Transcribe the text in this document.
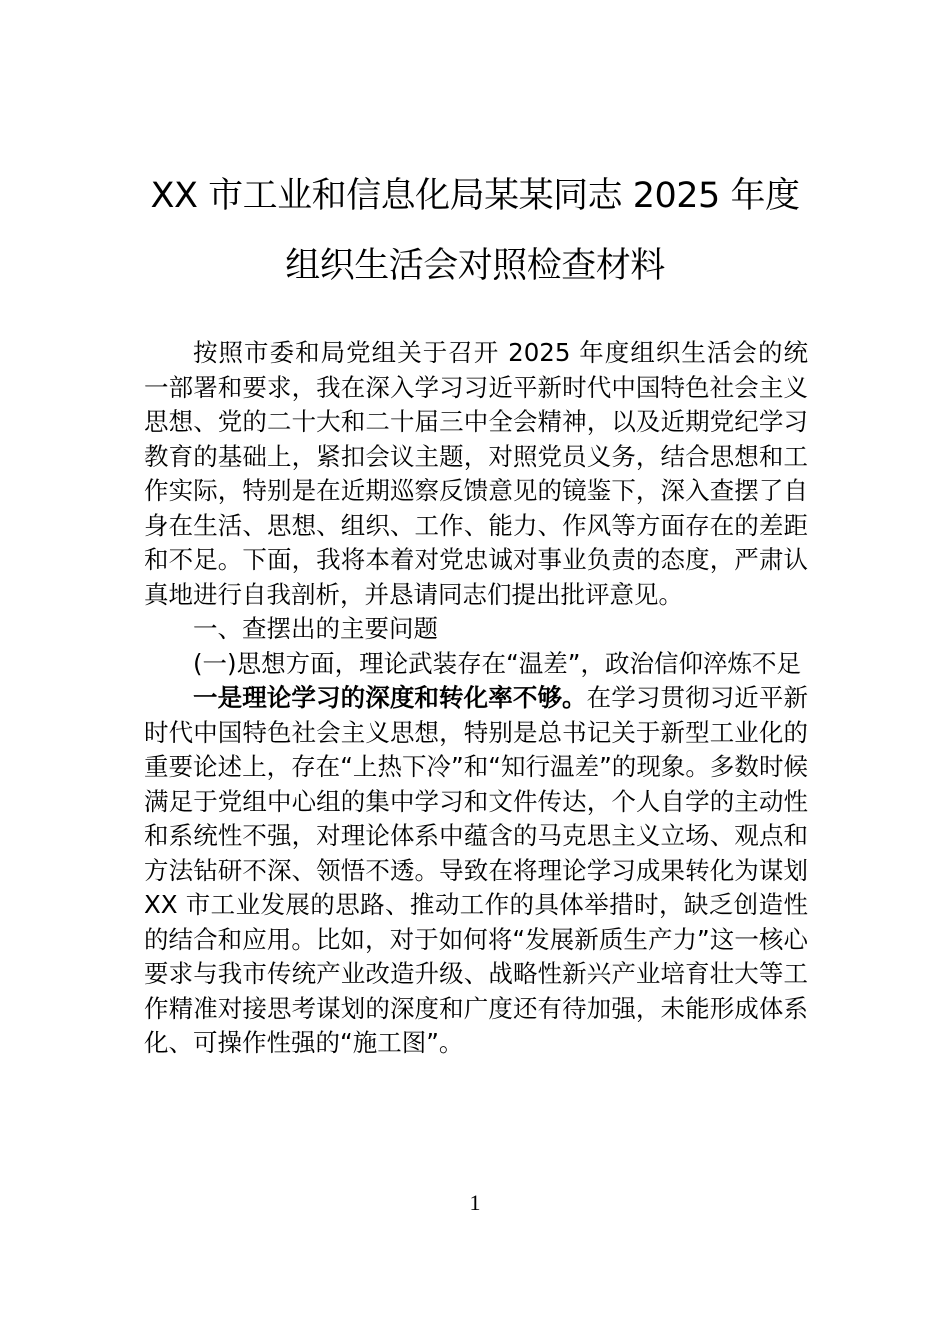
XX 市工业和信息化局某某同志 2025 年度
组织生活会对照检查材料

按照市委和局党组关于召开 2025 年度组织生活会的统一部署和要求，我在深入学习习近平新时代中国特色社会主义思想、党的二十大和二十届三中全会精神，以及近期党纪学习教育的基础上，紧扣会议主题，对照党员义务，结合思想和工作实际，特别是在近期巡察反馈意见的镜鉴下，深入查摆了自身在生活、思想、组织、工作、能力、作风等方面存在的差距和不足。下面，我将本着对党忠诚对事业负责的态度，严肃认真地进行自我剖析，并恳请同志们提出批评意见。

一、查摆出的主要问题

(一)思想方面，理论武装存在“温差”，政治信仰淬炼不足

一是理论学习的深度和转化率不够。在学习贯彻习近平新时代中国特色社会主义思想，特别是总书记关于新型工业化的重要论述上，存在“上热下冷”和“知行温差”的现象。多数时候满足于党组中心组的集中学习和文件传达，个人自学的主动性和系统性不强，对理论体系中蕴含的马克思主义立场、观点和方法钻研不深、领悟不透。导致在将理论学习成果转化为谋划 XX 市工业发展的思路、推动工作的具体举措时，缺乏创造性的结合和应用。比如，对于如何将“发展新质生产力”这一核心要求与我市传统产业改造升级、战略性新兴产业培育壮大等工作精准对接思考谋划的深度和广度还有待加强，未能形成体系化、可操作性强的“施工图”。

1
